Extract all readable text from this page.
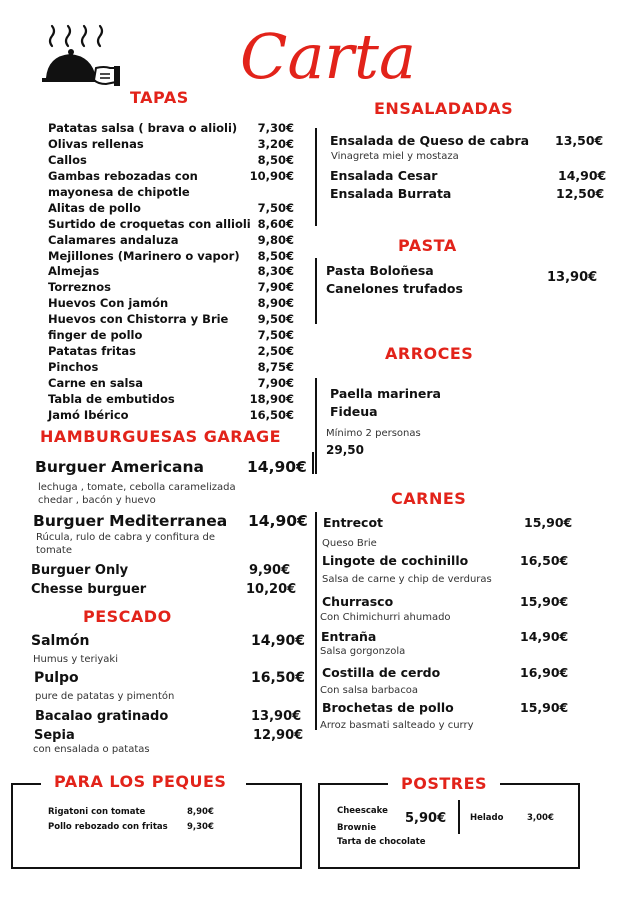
Carta
TAPAS
Patatas salsa ( brava o alioli) 7,30€
Olivas rellenas	3,20€
Callos	8,50€
Gambas rebozadas con	10,90€
mayonesa de chipotle
Alitas de pollo	7,50€
Surtido de croquetas con allioli 8,60€
Calamares andaluza	9,80€
Mejillones (Marinero o vapor) 8,50€
Almejas	8,30€
Torreznos	7,90€
Huevos Con jamón	8,90€
Huevos con Chistorra y Brie	9,50€
finger de pollo	7,50€
Patatas fritas	2,50€
Pinchos	8,75€
Carne en salsa	7,90€
Tabla de embutidos	18,90€
Jamó Ibérico	16,50€
HAMBURGUESAS GARAGE
Burguer Americana	14,90€
lechuga , tomate, cebolla caramelizada chedar , bacón y huevo
Burguer Mediterranea 14,90€
Rúcula, rulo de cabra y confitura de tomate
Burguer Only	9,90€
Chesse burguer	10,20€
PESCADO
Salmón	14,90€
Humus y teriyaki
Pulpo	16,50€
pure de patatas y pimentón
Bacalao gratinado	13,90€
Sepia	12,90€
con ensalada o patatas
ENSALADADAS
Ensalada de Queso de cabra 13,50€
Vinagreta miel y mostaza
Ensalada Cesar	14,90€
Ensalada Burrata	12,50€
PASTA
Pasta Boloñesa
Canelones trufados
13,90€
ARROCES
Paella marinera
Fideua
Mínimo 2 personas
29,50
CARNES
Entrecot	15,90€
Queso Brie
Lingote de cochinillo	16,50€
Salsa de carne y chip de verduras
Churrasco	15,90€
Con Chimichurri ahumado
Entraña	14,90€
Salsa gorgonzola
Costilla de cerdo	16,90€
Con salsa barbacoa
Brochetas de pollo	15,90€
Arroz basmati salteado y curry
PARA LOS PEQUES
Rigatoni con tomate	8,90€
Pollo rebozado con fritas 9,30€
POSTRES
Cheescake
Brownie
Tarta de chocolate
5,90€	Helado	3,00€
